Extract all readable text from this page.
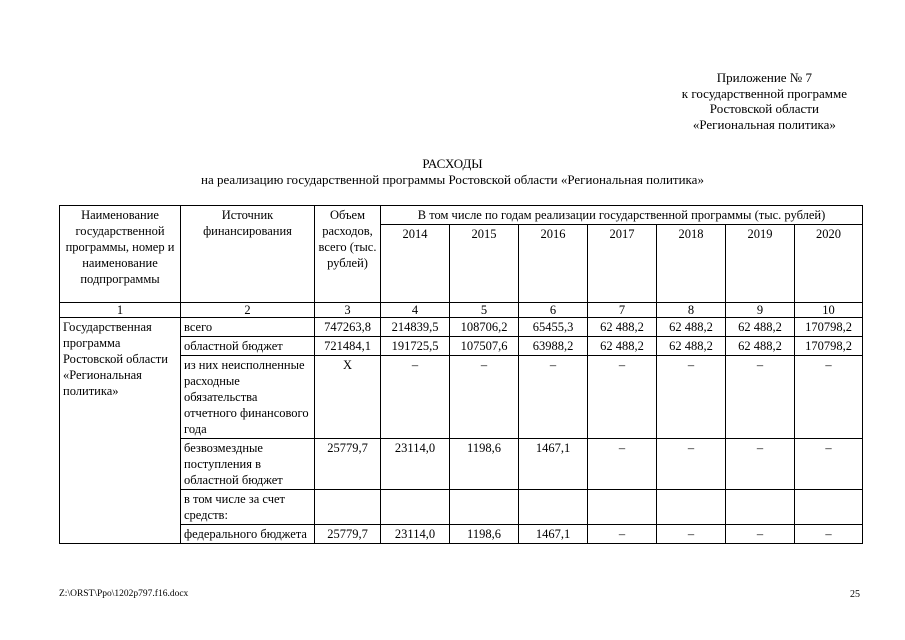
Приложение № 7
к государственной программе
Ростовской области
«Региональная политика»
РАСХОДЫ
на реализацию государственной программы Ростовской области «Региональная политика»
Наименование государственной программы, номер и наименование подпрограммы	Источник финансирования	Объем расходов, всего (тыс. рублей)	В том числе по годам реализации государственной программы (тыс. рублей)						
			2014	2015	2016	2017	2018	2019	2020
1	2	3	4	5	6	7	8	9	10
Государственная программа Ростовской области «Региональная политика»	всего	747263,8	214839,5	108706,2	65455,3	62 488,2	62 488,2	62 488,2	170798,2
	областной бюджет	721484,1	191725,5	107507,6	63988,2	62 488,2	62 488,2	62 488,2	170798,2
	из них неисполненные расходные обязательства отчетного финансового года	Х	–	–	–	–	–	–	–
	безвозмездные поступления в областной бюджет	25779,7	23114,0	1198,6	1467,1	–	–	–	–
	в том числе за счет средств:								
	федерального бюджета	25779,7	23114,0	1198,6	1467,1	–	–	–	–
Z:\ORST\Ppo\1202p797.f16.docx	25
